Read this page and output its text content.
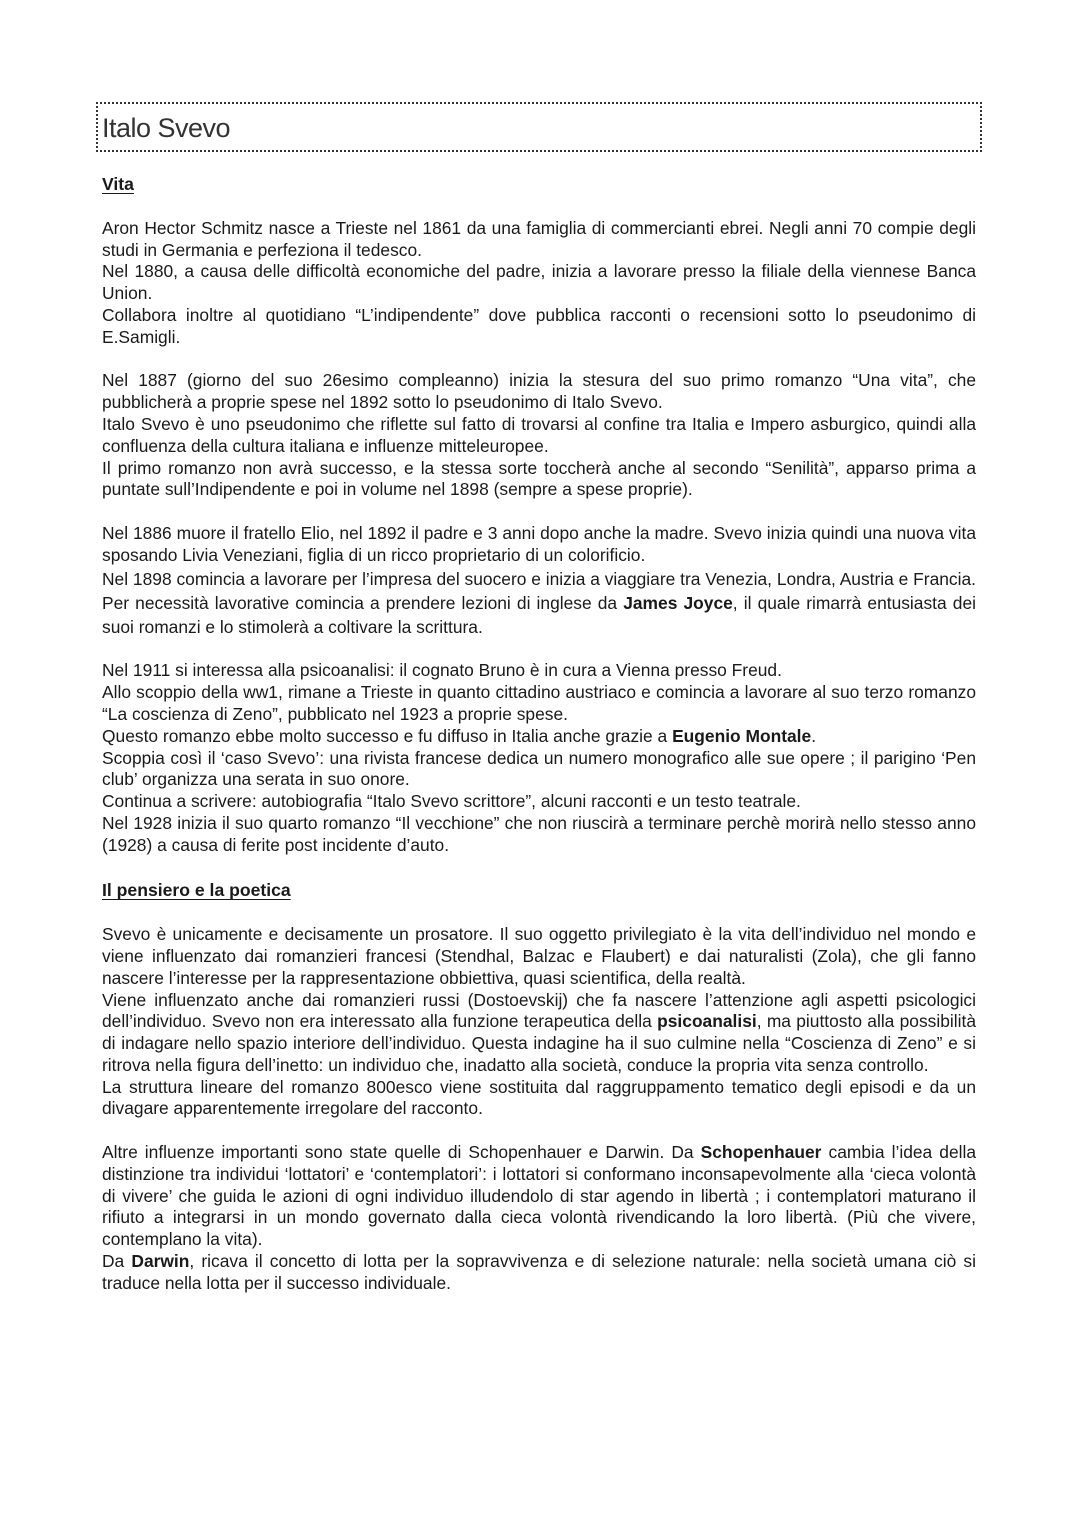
Italo Svevo

Vita

Aron Hector Schmitz nasce a Trieste nel 1861 da una famiglia di commercianti ebrei. Negli anni 70 compie degli studi in Germania e perfeziona il tedesco.

Nel 1880, a causa delle difficoltà economiche del padre, inizia a lavorare presso la filiale della viennese Banca Union.

Collabora inoltre al quotidiano “L’indipendente” dove pubblica racconti o recensioni sotto lo pseudonimo di E.Samigli.

Nel 1887 (giorno del suo 26esimo compleanno) inizia la stesura del suo primo romanzo “Una vita”, che pubblicherà a proprie spese nel 1892 sotto lo pseudonimo di Italo Svevo.

Italo Svevo è uno pseudonimo che riflette sul fatto di trovarsi al confine tra Italia e Impero asburgico, quindi alla confluenza della cultura italiana e influenze mitteleuropee.

Il primo romanzo non avrà successo, e la stessa sorte toccherà anche al secondo “Senilità”, apparso prima a puntate sull’Indipendente e poi in volume nel 1898 (sempre a spese proprie).

Nel 1886 muore il fratello Elio, nel 1892 il padre e 3 anni dopo anche la madre. Svevo inizia quindi una nuova vita sposando Livia Veneziani, figlia di un ricco proprietario di un colorificio.

Nel 1898 comincia a lavorare per l’impresa del suocero e inizia a viaggiare tra Venezia, Londra, Austria e Francia. Per necessità lavorative comincia a prendere lezioni di inglese da James Joyce, il quale rimarrà entusiasta dei suoi romanzi e lo stimolerà a coltivare la scrittura.

Nel 1911 si interessa alla psicoanalisi: il cognato Bruno è in cura a Vienna presso Freud.

Allo scoppio della ww1, rimane a Trieste in quanto cittadino austriaco e comincia a lavorare al suo terzo romanzo “La coscienza di Zeno”, pubblicato nel 1923 a proprie spese.

Questo romanzo ebbe molto successo e fu diffuso in Italia anche grazie a Eugenio Montale.

Scoppia così il ‘caso Svevo’: una rivista francese dedica un numero monografico alle sue opere ; il parigino ‘Pen club’ organizza una serata in suo onore.

Continua a scrivere: autobiografia “Italo Svevo scrittore”, alcuni racconti e un testo teatrale.

Nel 1928 inizia il suo quarto romanzo “Il vecchione” che non riuscirà a terminare perchè morirà nello stesso anno (1928) a causa di ferite post incidente d’auto.

Il pensiero e la poetica

Svevo è unicamente e decisamente un prosatore. Il suo oggetto privilegiato è la vita dell’individuo nel mondo e viene influenzato dai romanzieri francesi (Stendhal, Balzac e Flaubert) e dai naturalisti (Zola), che gli fanno nascere l’interesse per la rappresentazione obbiettiva, quasi scientifica, della realtà.

Viene influenzato anche dai romanzieri russi (Dostoevskij) che fa nascere l’attenzione agli aspetti psicologici dell’individuo. Svevo non era interessato alla funzione terapeutica della psicoanalisi, ma piuttosto alla possibilità di indagare nello spazio interiore dell’individuo. Questa indagine ha il suo culmine nella “Coscienza di Zeno” e si ritrova nella figura dell’inetto: un individuo che, inadatto alla società, conduce la propria vita senza controllo.

La struttura lineare del romanzo 800esco viene sostituita dal raggruppamento tematico degli episodi e da un divagare apparentemente irregolare del racconto.

Altre influenze importanti sono state quelle di Schopenhauer e Darwin. Da Schopenhauer cambia l’idea della distinzione tra individui ‘lottatori’ e ‘contemplatori’: i lottatori si conformano inconsapevolmente alla ‘cieca volontà di vivere’ che guida le azioni di ogni individuo illudendolo di star agendo in libertà ; i contemplatori maturano il rifiuto a integrarsi in un mondo governato dalla cieca volontà rivendicando la loro libertà. (Più che vivere, contemplano la vita).

Da Darwin, ricava il concetto di lotta per la sopravvivenza e di selezione naturale: nella società umana ciò si traduce nella lotta per il successo individuale.
